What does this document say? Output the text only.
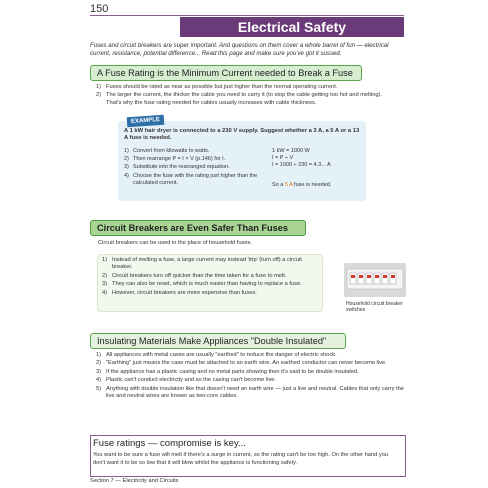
150
Electrical Safety
Fuses and circuit breakers are super important. And questions on them cover a whole barrel of fun — electrical current, resistance, potential difference... Read this page and make sure you've got it sussed.
A Fuse Rating is the Minimum Current needed to Break a Fuse
1) Fuses should be rated as near as possible but just higher than the normal operating current.
2) The larger the current, the thicker the cable you need to carry it (to stop the cable getting too hot and melting). That's why the fuse rating needed for cables usually increases with cable thickness.
EXAMPLE
A 1 kW hair dryer is connected to a 230 V supply. Suggest whether a 3 A, a 5 A or a 13 A fuse is needed.
1) Convert from kilowatts to watts.
2) Then rearrange P = I × V (p.146) for I.
3) Substitute into the rearranged equation.
4) Choose the fuse with the rating just higher than the calculated current.
1 kW = 1000 W
I = P ÷ V
I = 1000 ÷ 230 = 4.3... A
So a 5 A fuse is needed.
Circuit Breakers are Even Safer Than Fuses
Circuit breakers can be used in the place of household fuses.
1) Instead of melting a fuse, a large current may instead 'trip' (turn off) a circuit breaker.
2) Circuit breakers turn off quicker than the time taken for a fuse to melt.
3) They can also be reset, which is much easier than having to replace a fuse.
4) However, circuit breakers are more expensive than fuses.
Household circuit breaker switches
Insulating Materials Make Appliances "Double Insulated"
1) All appliances with metal cases are usually "earthed" to reduce the danger of electric shock.
2) "Earthing" just means the case must be attached to an earth wire. An earthed conductor can never become live.
3) If the appliance has a plastic casing and no metal parts showing then it's said to be double insulated.
4) Plastic can't conduct electricity and so the casing can't become live.
5) Anything with double insulation like that doesn't need an earth wire — just a live and neutral. Cables that only carry the live and neutral wires are known as two-core cables.
Fuse ratings — compromise is key...
You want to be sure a fuse will melt if there's a surge in current, so the rating can't be too high. On the other hand you don't want it to be so low that it will blow whilst the appliance is functioning safely.
Section 7 — Electricity and Circuits
